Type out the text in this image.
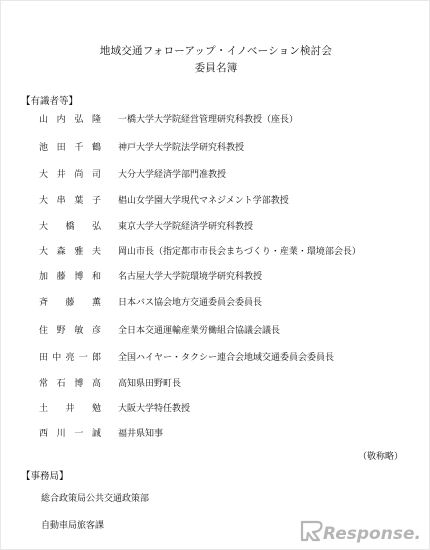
地域交通フォローアップ・イノベーション検討会
委員名簿
【有識者等】
山内弘隆 一橋大学大学院経営管理研究科教授（座長）
池田千鶴 神戸大学大学院法学研究科教授
大井尚司 大分大学経済学部門准教授
大串葉子 椙山女学園大学現代マネジメント学部教授
大橋弘 東京大学大学院経済学研究科教授
大森雅夫 岡山市長（指定都市市長会まちづくり・産業・環境部会長）
加藤博和 名古屋大学大学院環境学研究科教授
斉藤薫 日本バス協会地方交通委員会委員長
住野敏彦 全日本交通運輸産業労働組合協議会議長
田中亮一郎 全国ハイヤー・タクシー連合会地域交通委員会委員長
常石博高 高知県田野町長
土井勉 大阪大学特任教授
西川一誠 福井県知事
（敬称略）
【事務局】
総合政策局公共交通政策部
自動車局旅客課	Response.
